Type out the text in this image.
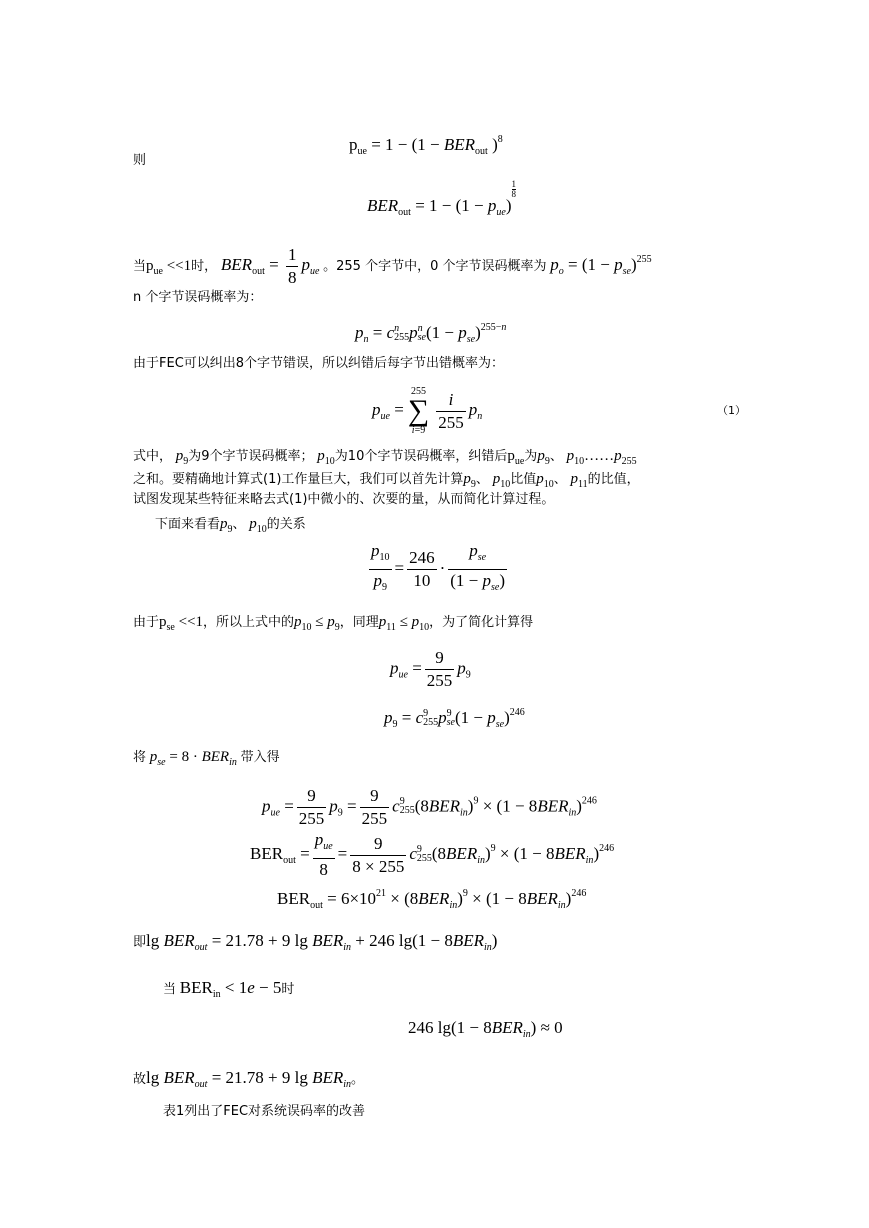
$p_{ue} = 1 - (1 - BER_{out}$ )$^8$
则
$BER_{out} = 1 - (1 - p_{ue})$
$\frac{1}{8}$
当$p_{ue} <<1$时， $BER_{out} = \frac{1}{8} p_{ue}$ 。255 个字节中，0 个字节误码概率为 $p_o = (1 - p_{se})^{255}$
n 个字节误码概率为：
$p_n = c$ n
255 p n
se $(1 - p_{se})^{255-n}$
由于FEC可以纠出8个字节错误，所以纠错后每字节出错概率为：
$p_{ue}$ =
255
∑
$i=9 \frac{i}{255} p_n$	（1）
式中， $p_9$为9个字节误码概率； $p_{10}$为10个字节误码概率，纠错后$p_{ue}$为$p_9$、 $p_{10}\dots\dots p_{255}$
之和。要精确地计算式(1)工作量巨大，我们可以首先计算$p_9$、 $p_{10}$比值$p_{10}$、 $p_{11}$的比值，
试图发现某些特征来略去式(1)中微小的、次要的量，从而简化计算过程。
下面来看看$p_9$、 $p_{10}$的关系
$\frac{p_{10}}{p_9} = \frac{246}{10} \cdot \frac{p_{se}}{(1 - p_{se})}$
由于$p_{se} <<1$，所以上式中的$p_{10} \le p_9$，同理$p_{11} \le p_{10}$，为了简化计算得
$p_{ue} = \frac{9}{255} p_9$
$p_9 = c$ 9
255 p 9
se $(1 - p_{se})^{246}$
将 $p_{se} = 8 \cdot BER_{in}$ 带入得
$p_{ue} = \frac{9}{255} p_9 = \frac{9}{255}$ c 9
255 $(8BER_{in})^9 \times (1 - 8BER_{in})^{246}$
$BER_{out} = \frac{p_{ue}}{8} = \frac{9}{8 \times 255}$ c 9
255 $(8BER_{in})^9 \times (1 - 8BER_{in})^{246}$
$BER_{out} = 6\times 10^{21} \times (8BER_{in})^9 \times (1 - 8BER_{in})^{246}$
即$\lg BER_{out} = 21.78 + 9$ $\lg BER_{in} + 246$ $\lg(1 - 8BER_{in})$
当 $BER_{in} < 1e - 5$时
246 $\lg(1 - 8BER_{in}) \approx 0$
故$\lg BER_{out} = 21.78 + 9$ $\lg BER_{in}$。
表1列出了FEC对系统误码率的改善
